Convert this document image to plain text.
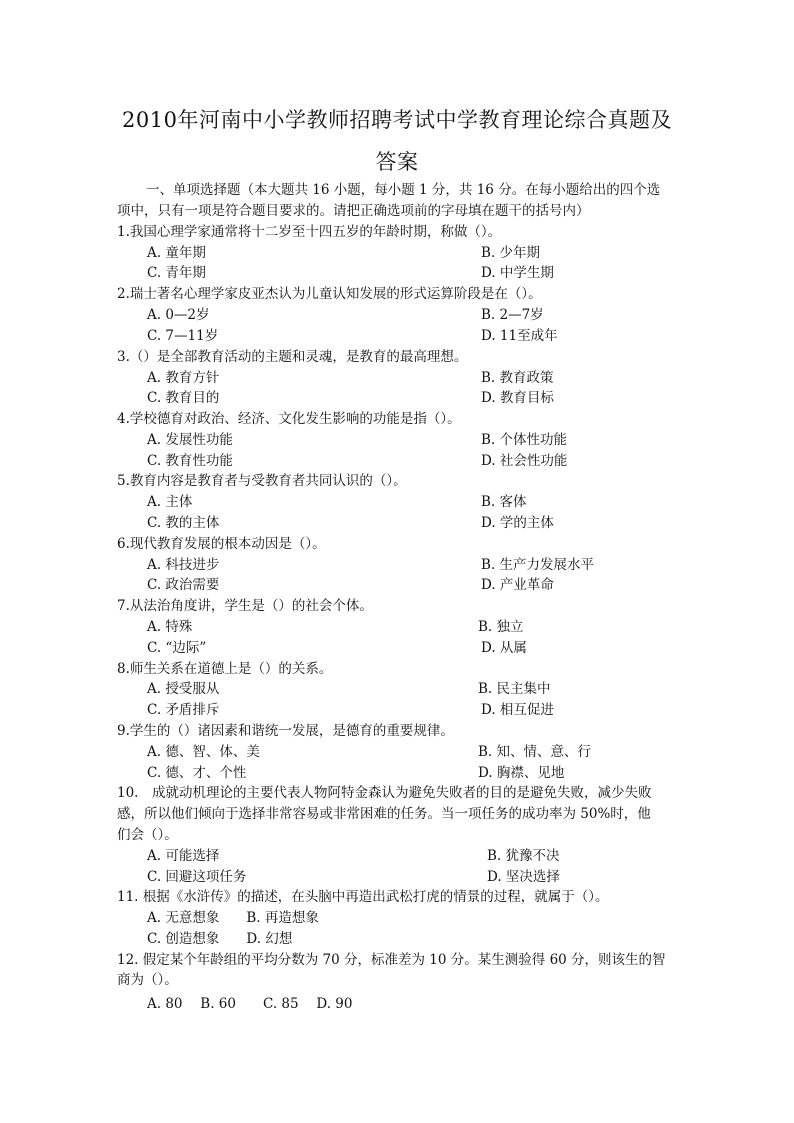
2010年河南中小学教师招聘考试中学教育理论综合真题及
答案
一、单项选择题（本大题共 16 小题，每小题 1 分，共 16 分。在每小题给出的四个选
项中，只有一项是符合题目要求的。请把正确选项前的字母填在题干的括号内）
1.我国心理学家通常将十二岁至十四五岁的年龄时期，称做（）。
A. 童年期	B. 少年期
C. 青年期	D. 中学生期
2.瑞士著名心理学家皮亚杰认为儿童认知发展的形式运算阶段是在（）。
A. 0—2岁	B. 2—7岁
C. 7—11岁	D. 11至成年
3.（）是全部教育活动的主题和灵魂，是教育的最高理想。
A. 教育方针	B. 教育政策
C. 教育目的	D. 教育目标
4.学校德育对政治、经济、文化发生影响的功能是指（）。
A. 发展性功能	B. 个体性功能
C. 教育性功能	D. 社会性功能
5.教育内容是教育者与受教育者共同认识的（）。
A. 主体	B. 客体
C. 教的主体	D. 学的主体
6.现代教育发展的根本动因是（）。
A. 科技进步	B. 生产力发展水平
C. 政治需要	D. 产业革命
7.从法治角度讲，学生是（）的社会个体。
A. 特殊	B. 独立
C. “边际”	D. 从属
8.师生关系在道德上是（）的关系。
A. 授受服从	B. 民主集中
C. 矛盾排斥	D. 相互促进
9.学生的（）诸因素和谐统一发展，是德育的重要规律。
A. 德、智、体、美	B. 知、情、意、行
C. 德、才、个性	D. 胸襟、见地
10.　成就动机理论的主要代表人物阿特金森认为避免失败者的目的是避免失败，减少失败
感，所以他们倾向于选择非常容易或非常困难的任务。当一项任务的成功率为 50%时，他
们会（）。
A. 可能选择	B. 犹豫不决
C. 回避这项任务	D. 坚决选择
11. 根据《水浒传》的描述，在头脑中再造出武松打虎的情景的过程，就属于（）。
A. 无意想象　　B. 再造想象
C. 创造想象　　D. 幻想
12. 假定某个年龄组的平均分数为 70 分，标准差为 10 分。某生测验得 60 分，则该生的智
商为（）。
A. 80　 B. 60　　C. 85　 D. 90
